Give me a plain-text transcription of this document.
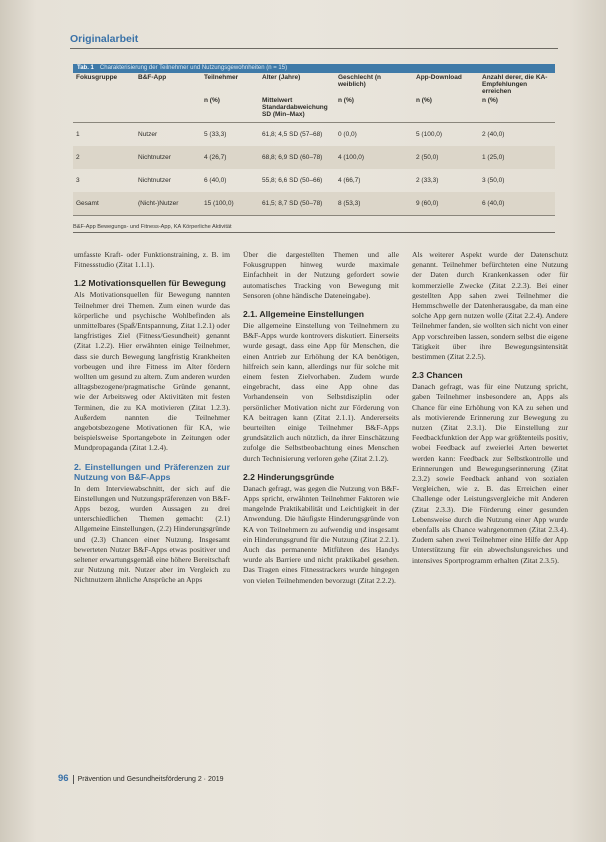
Originalarbeit
Tab. 1 Charakterisierung der Teilnehmer und Nutzungsgewohnheiten (n = 15)
Fokusgruppe	B&F-App	Teilnehmer	Alter (Jahre)	Geschlecht (n weiblich)	App-Download	Anzahl derer, die KA-Empfehlungen erreichen
		n (%)	Mittelwert Standardabweichung SD (Min–Max)	n (%)	n (%)	n (%)
1	Nutzer	5 (33,3)	61,8; 4,5 SD (57–68)	0 (0,0)	5 (100,0)	2 (40,0)
2	Nichtnutzer	4 (26,7)	68,8; 6,9 SD (60–78)	4 (100,0)	2 (50,0)	1 (25,0)
3	Nichtnutzer	6 (40,0)	55,8; 6,6 SD (50–66)	4 (66,7)	2 (33,3)	3 (50,0)
Gesamt	(Nicht-)Nutzer	15 (100,0)	61,5; 8,7 SD (50–78)	8 (53,3)	9 (60,0)	6 (40,0)
B&F-App Bewegungs- und Fitness-App, KA Körperliche Aktivität

umfasste Kraft- oder Funktionstraining, z. B. im Fitnessstudio (Zitat 1.1.1).

1.2 Motivationsquellen für Bewegung

Als Motivationsquellen für Bewegung nannten Teilnehmer drei Themen. Zum einen wurde das körperliche und psychische Wohlbefinden als unmittelbares (Spaß/Entspannung, Zitat 1.2.1) oder langfristiges Ziel (Fitness/Gesundheit) genannt (Zitat 1.2.2). Hier erwähnten einige Teilnehmer, dass sie durch Bewegung langfristig Krankheiten vorbeugen und ihre Fitness im Alter fördern wollten um gesund zu altern. Zum anderen wurden alltagsbezogene/pragmatische Gründe genannt, wie der Arbeitsweg oder Aktivitäten mit festen Terminen, die zu KA motivieren (Zitat 1.2.3). Außerdem nannten die Teilnehmer angebotsbezogene Motivationen für KA, wie beispielsweise Sportangebote in Zeitungen oder Mundpropaganda (Zitat 1.2.4).

2. Einstellungen und Präferenzen zur Nutzung von B&F-Apps

In dem Interviewabschnitt, der sich auf die Einstellungen und Nutzungspräferenzen von B&F-Apps bezog, wurden Aussagen zu drei unterschiedlichen Themen gemacht: (2.1) Allgemeine Einstellungen, (2.2) Hinderungsgründe und (2.3) Chancen einer Nutzung. Insgesamt bewerteten Nutzer B&F-Apps etwas positiver und seltener erwartungsgemäß eine höhere Bereitschaft zur Nutzung mit. Nutzer aber im Vergleich zu Nichtnutzern ähnliche Ansprüche an Apps

Über die dargestellten Themen und alle Fokusgruppen hinweg wurde maximale Einfachheit in der Nutzung gefordert sowie automatisches Tracking von Bewegung mit Sensoren (ohne händische Dateneingabe).

2.1. Allgemeine Einstellungen

Die allgemeine Einstellung von Teilnehmern zu B&F-Apps wurde kontrovers diskutiert. Einerseits wurde gesagt, dass eine App für Menschen, die einen Antrieb zur Erhöhung der KA benötigen, hilfreich sein kann, allerdings nur für solche mit einem festen Zielvorhaben. Zudem wurde eingebracht, dass eine App ohne das Vorhandensein von Selbstdisziplin oder persönlicher Motivation nicht zur Förderung von KA beitragen kann (Zitat 2.1.1). Andererseits beurteilten einige Teilnehmer B&F-Apps grundsätzlich auch nützlich, da ihrer Einschätzung zufolge die Selbstbeobachtung eines Menschen durch Technisierung verloren gehe (Zitat 2.1.2).

2.2 Hinderungsgründe

Danach gefragt, was gegen die Nutzung von B&F-Apps spricht, erwähnten Teilnehmer Faktoren wie mangelnde Praktikabilität und Leichtigkeit in der Anwendung. Die häufigste Hinderungsgründe von KA von Teilnehmern zu aufwendig und insgesamt ein Hinderungsgrund für die Nutzung (Zitat 2.2.1). Auch das permanente Mitführen des Handys wurde als Barriere und nicht praktikabel gesehen. Das Tragen eines Fitnesstrackers wurde hingegen von vielen Teilnehmenden bevorzugt (Zitat 2.2.2).

Als weiterer Aspekt wurde der Datenschutz genannt. Teilnehmer befürchteten eine Nutzung der Daten durch Krankenkassen oder für kommerzielle Zwecke (Zitat 2.2.3). Bei einer gestellten App sahen zwei Teilnehmer die Hemmschwelle der Datenherausgabe, da man eine solche App gern nutzen wolle (Zitat 2.2.4). Andere Teilnehmer fanden, sie wollten sich nicht von einer App vorschreiben lassen, sondern selbst die eigene Tätigkeit über ihre Bewegungsintensität bestimmen (Zitat 2.2.5).

2.3 Chancen

Danach gefragt, was für eine Nutzung spricht, gaben Teilnehmer insbesondere an, Apps als Chance für eine Erhöhung von KA zu sehen und als motivierende Erinnerung zur Bewegung zu nutzen (Zitat 2.3.1). Die Einstellung zur Feedbackfunktion der App war größtenteils positiv, wobei Feedback auf zweierlei Arten bewertet werden kann: Feedback zur Selbstkontrolle und Erinnerungen und Bewegungserinnerung (Zitat 2.3.2) sowie Feedback anhand von sozialen Vergleichen, wie z. B. das Erreichen einer Challenge oder Leistungsvergleiche mit Anderen (Zitat 2.3.3). Die Förderung einer gesunden Lebensweise durch die Nutzung einer App wurde ebenfalls als Chance wahrgenommen (Zitat 2.3.4). Zudem sahen zwei Teilnehmer eine Hilfe der App Unterstützung für ein abwechslungsreiches und intensives Sportprogramm erhalten (Zitat 2.3.5).

96 Prävention und Gesundheitsförderung 2 · 2019
